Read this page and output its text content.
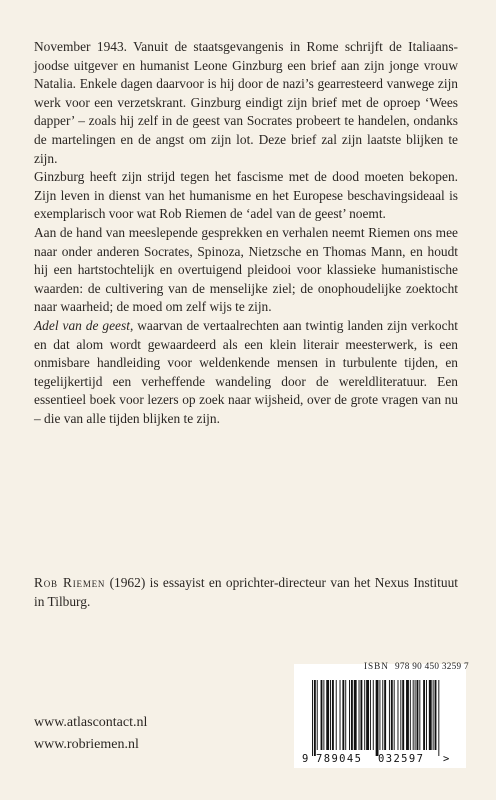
November 1943. Vanuit de staatsgevangenis in Rome schrijft de Italiaans-joodse uitgever en humanist Leone Ginzburg een brief aan zijn jonge vrouw Natalia. Enkele dagen daarvoor is hij door de nazi’s gearresteerd vanwege zijn werk voor een verzetskrant. Ginzburg eindigt zijn brief met de oproep ‘Wees dapper’ – zoals hij zelf in de geest van Socrates probeert te handelen, ondanks de martelingen en de angst om zijn lot. Deze brief zal zijn laatste blijken te zijn.

Ginzburg heeft zijn strijd tegen het fascisme met de dood moeten bekopen. Zijn leven in dienst van het humanisme en het Europese beschavingsideaal is exemplarisch voor wat Rob Riemen de ‘adel van de geest’ noemt.

Aan de hand van meeslepende gesprekken en verhalen neemt Riemen ons mee naar onder anderen Socrates, Spinoza, Nietzsche en Thomas Mann, en houdt hij een hartstochtelijk en overtuigend pleidooi voor klassieke humanistische waarden: de cultivering van de menselijke ziel; de onophoudelijke zoektocht naar waarheid; de moed om zelf wijs te zijn.

Adel van de geest, waarvan de vertaalrechten aan twintig landen zijn verkocht en dat alom wordt gewaardeerd als een klein literair meesterwerk, is een onmisbare handleiding voor weldenkende mensen in turbulente tijden, en tegelijkertijd een verheffende wandeling door de wereldliteratuur. Een essentieel boek voor lezers op zoek naar wijsheid, over de grote vragen van nu – die van alle tijden blijken te zijn.

Rob Riemen (1962) is essayist en oprichter-directeur van het Nexus Instituut in Tilburg.

ISBN 978 90 450 3259 7
9 789045 032597 >
www.atlascontact.nl
www.robriemen.nl
